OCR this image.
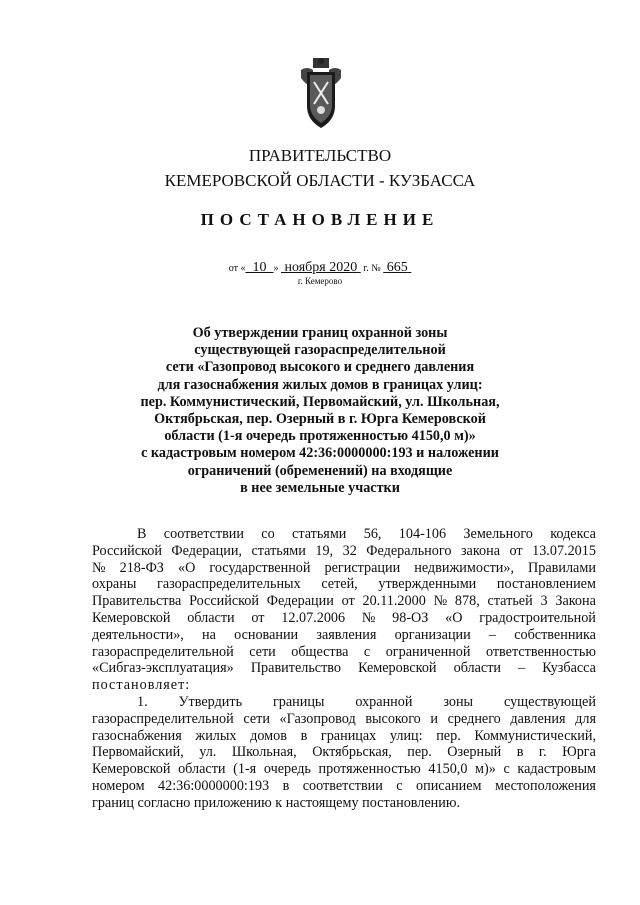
ПРАВИТЕЛЬСТВО
КЕМЕРОВСКОЙ ОБЛАСТИ - КУЗБАССА
ПОСТАНОВЛЕНИЕ
от « 10 » ноября 2020 г. № 665
г. Кемерово
Об утверждении границ охранной зоны
существующей газораспределительной
сети «Газопровод высокого и среднего давления
для газоснабжения жилых домов в границах улиц:
пер. Коммунистический, Первомайский, ул. Школьная,
Октябрьская, пер. Озерный в г. Юрга Кемеровской
области (1-я очередь протяженностью 4150,0 м)»
с кадастровым номером 42:36:0000000:193 и наложении
ограничений (обременений) на входящие
в нее земельные участки
В соответствии со статьями 56, 104-106 Земельного кодекса
Российской Федерации, статьями 19, 32 Федерального закона от 13.07.2015
№ 218-ФЗ «О государственной регистрации недвижимости», Правилами
охраны газораспределительных сетей, утвержденными постановлением
Правительства Российской Федерации от 20.11.2000 № 878, статьей 3 Закона
Кемеровской области от 12.07.2006 № 98-ОЗ «О градостроительной
деятельности», на основании заявления организации – собственника
газораспределительной сети общества с ограниченной ответственностью
«Сибгаз-эксплуатация» Правительство Кемеровской области – Кузбасса
постановляет:
1. Утвердить границы охранной зоны существующей
газораспределительной сети «Газопровод высокого и среднего давления для
газоснабжения жилых домов в границах улиц: пер. Коммунистический,
Первомайский, ул. Школьная, Октябрьская, пер. Озерный в г. Юрга
Кемеровской области (1-я очередь протяженностью 4150,0 м)» с кадастровым
номером 42:36:0000000:193 в соответствии с описанием местоположения
границ согласно приложению к настоящему постановлению.
